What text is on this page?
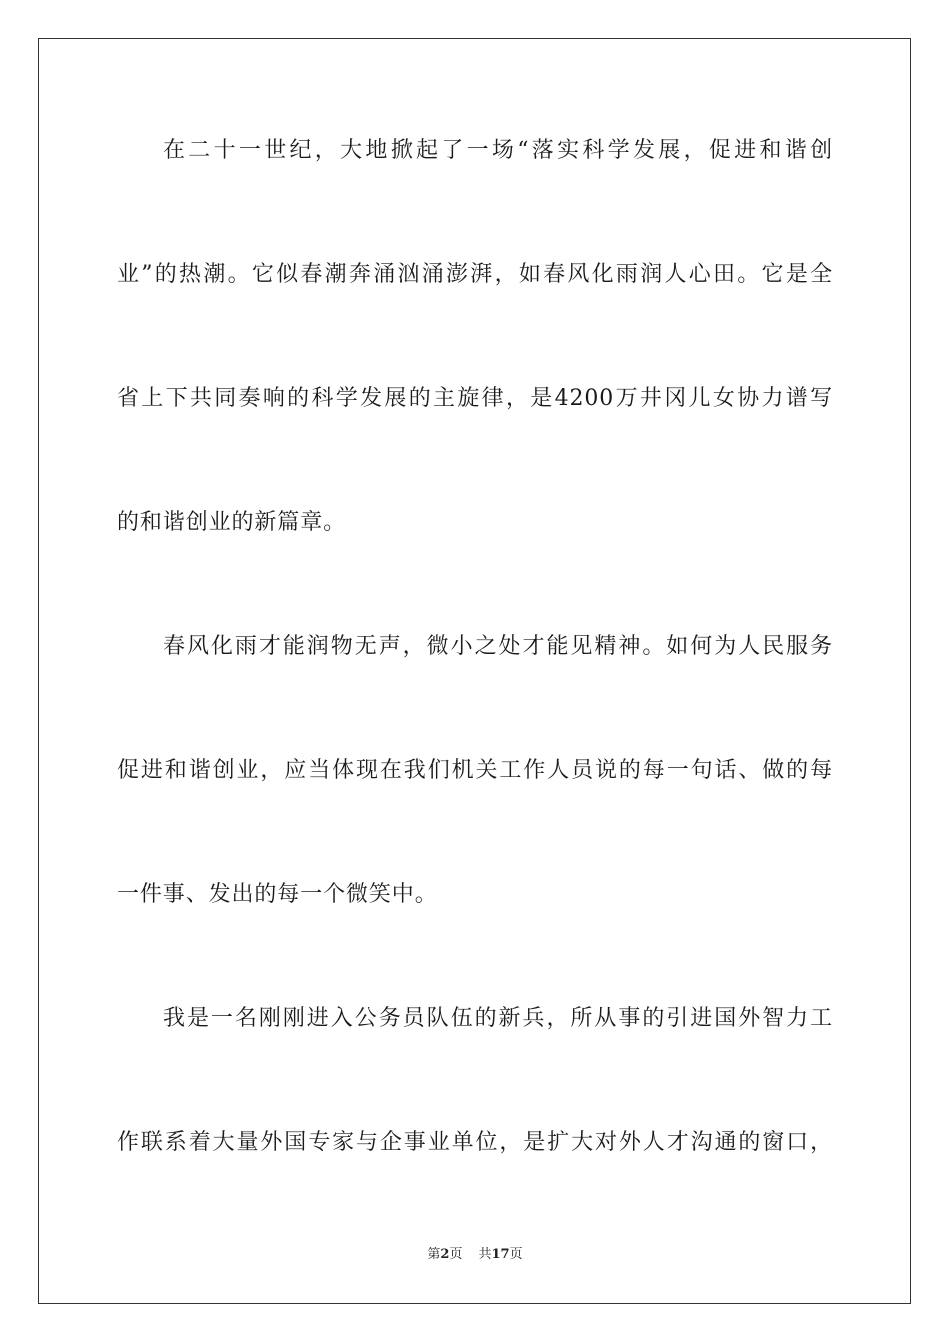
在二十一世纪，大地掀起了一场“落实科学发展，促进和谐创
业”的热潮。它似春潮奔涌汹涌澎湃，如春风化雨润人心田。它是全
省上下共同奏响的科学发展的主旋律，是4200万井冈儿女协力谱写
的和谐创业的新篇章。
春风化雨才能润物无声，微小之处才能见精神。如何为人民服务
促进和谐创业，应当体现在我们机关工作人员说的每一句话、做的每
一件事、发出的每一个微笑中。
我是一名刚刚进入公务员队伍的新兵，所从事的引进国外智力工
作联系着大量外国专家与企事业单位，是扩大对外人才沟通的窗口，
第2页 共17页
